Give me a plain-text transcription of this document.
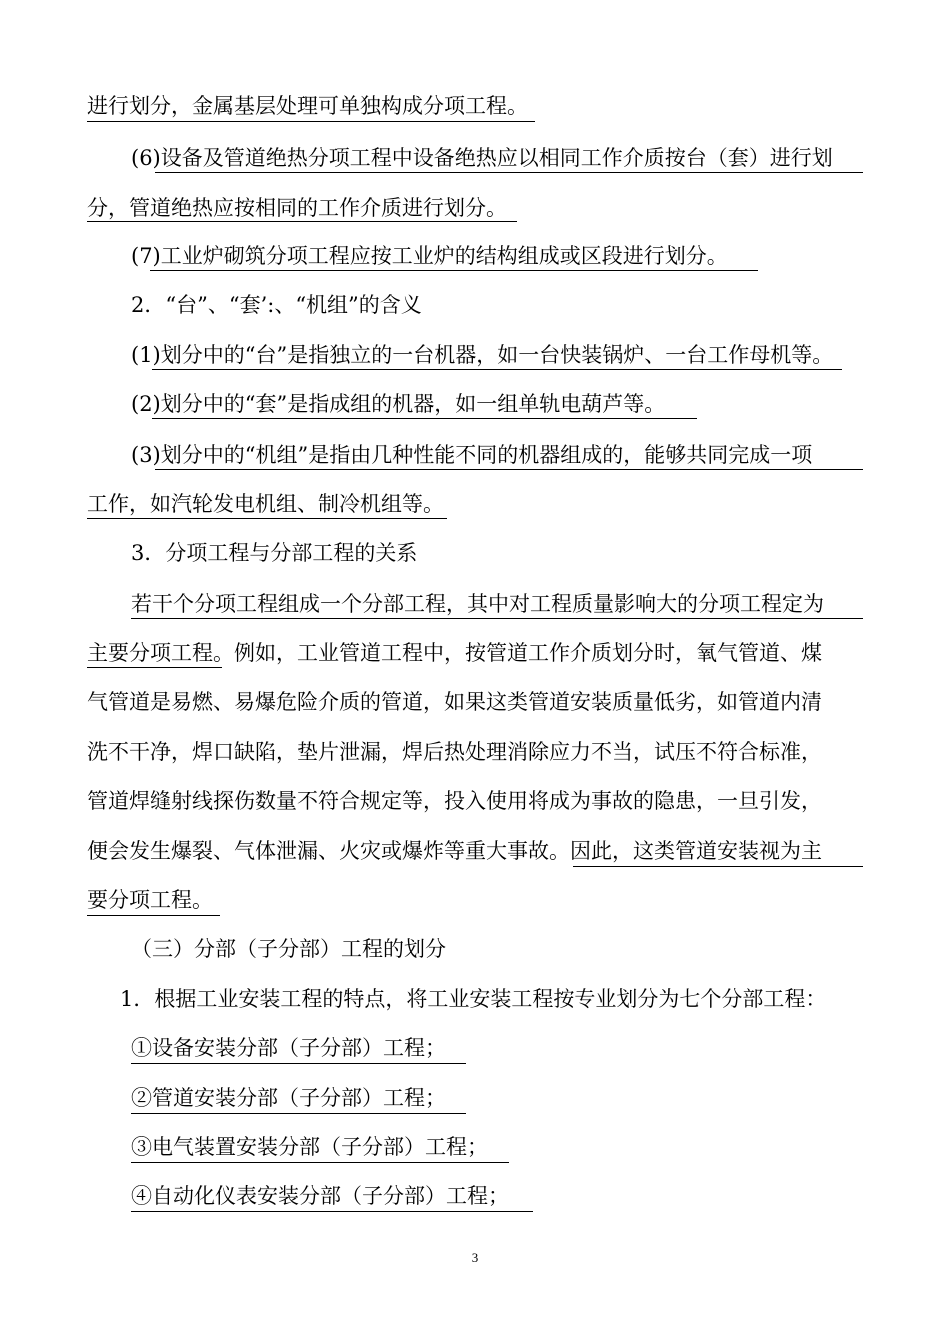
进行划分，金属基层处理可单独构成分项工程。
(6)设备及管道绝热分项工程中设备绝热应以相同工作介质按台（套）进行划
分，管道绝热应按相同的工作介质进行划分。
(7)工业炉砌筑分项工程应按工业炉的结构组成或区段进行划分。
2．“台”、“套’:、“机组”的含义
(1)划分中的“台”是指独立的一台机器，如一台快装锅炉、一台工作母机等。
(2)划分中的“套”是指成组的机器，如一组单轨电葫芦等。
(3)划分中的“机组”是指由几种性能不同的机器组成的，能够共同完成一项
工作，如汽轮发电机组、制冷机组等。
3．分项工程与分部工程的关系
若干个分项工程组成一个分部工程，其中对工程质量影响大的分项工程定为
主要分项工程。例如，工业管道工程中，按管道工作介质划分时，氧气管道、煤
气管道是易燃、易爆危险介质的管道，如果这类管道安装质量低劣，如管道内清
洗不干净，焊口缺陷，垫片泄漏，焊后热处理消除应力不当，试压不符合标准，
管道焊缝射线探伤数量不符合规定等，投入使用将成为事故的隐患，一旦引发，
便会发生爆裂、气体泄漏、火灾或爆炸等重大事故。因此，这类管道安装视为主
要分项工程。
（三）分部（子分部）工程的划分
1．根据工业安装工程的特点，将工业安装工程按专业划分为七个分部工程：
①设备安装分部（子分部）工程；
②管道安装分部（子分部）工程；
③电气装置安装分部（子分部）工程；
④自动化仪表安装分部（子分部）工程；
3
